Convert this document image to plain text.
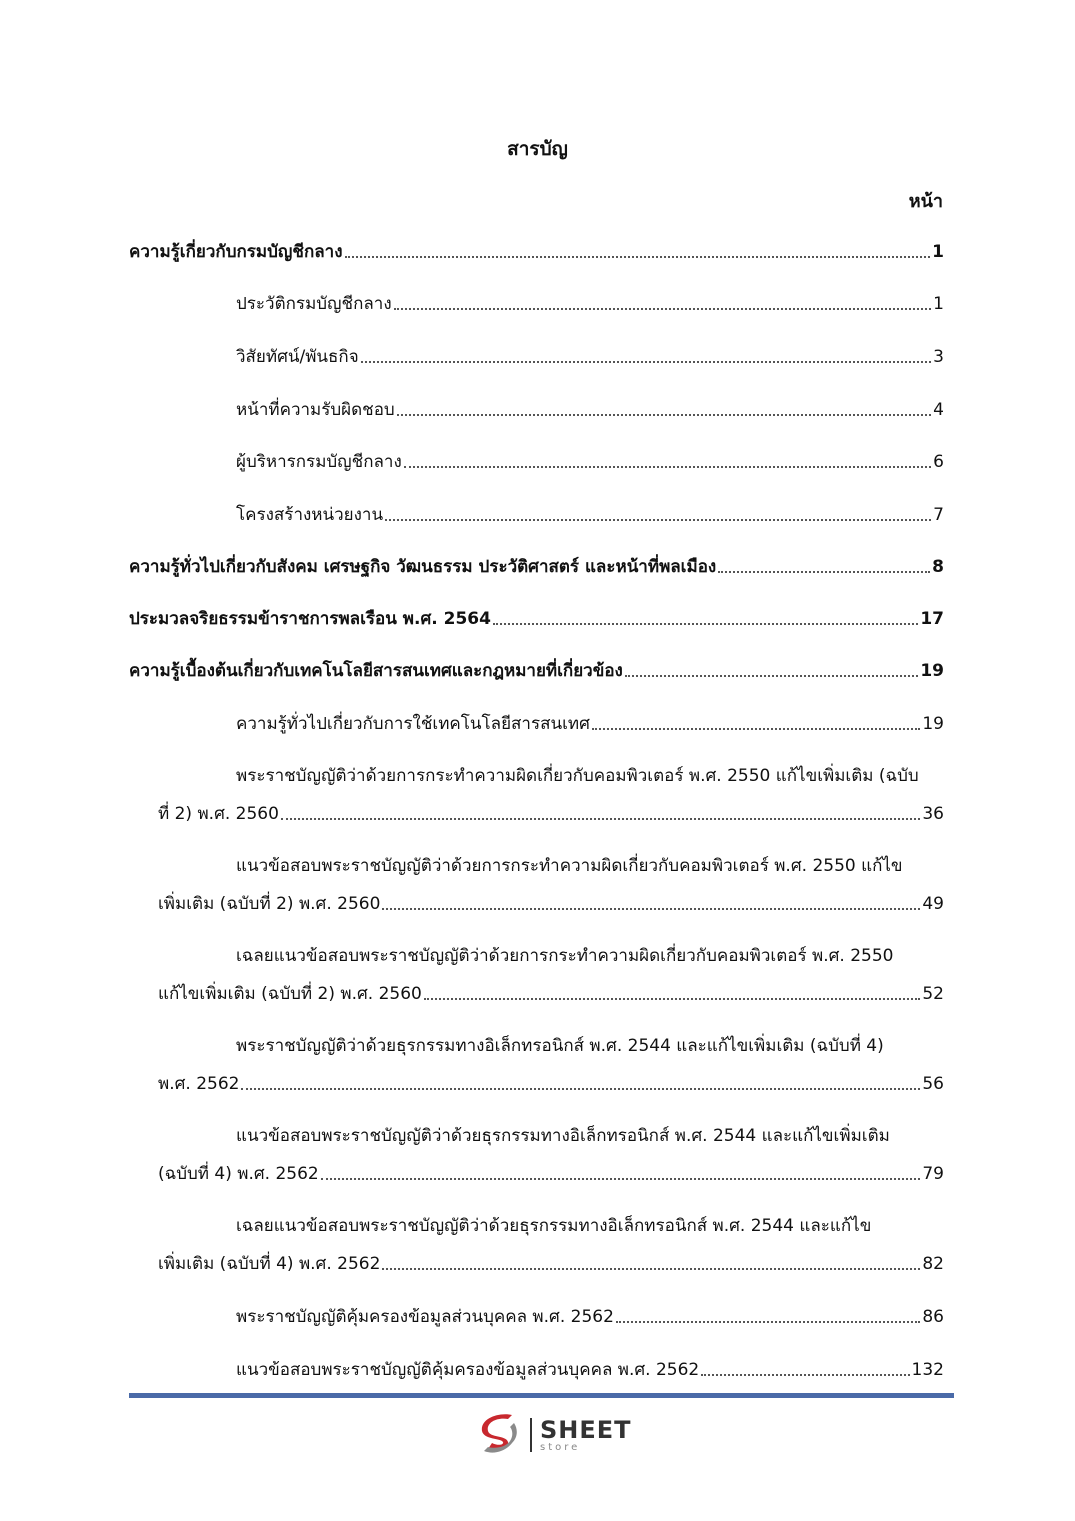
สารบัญ
หน้า
ความรู้เกี่ยวกับกรมบัญชีกลาง	1
ประวัติกรมบัญชีกลาง	1
วิสัยทัศน์/พันธกิจ	3
หน้าที่ความรับผิดชอบ	4
ผู้บริหารกรมบัญชีกลาง	6
โครงสร้างหน่วยงาน	7
ความรู้ทั่วไปเกี่ยวกับสังคม เศรษฐกิจ วัฒนธรรม ประวัติศาสตร์ และหน้าที่พลเมือง	8
ประมวลจริยธรรมข้าราชการพลเรือน พ.ศ. 2564	17
ความรู้เบื้องต้นเกี่ยวกับเทคโนโลยีสารสนเทศและกฎหมายที่เกี่ยวข้อง	19
ความรู้ทั่วไปเกี่ยวกับการใช้เทคโนโลยีสารสนเทศ	19
พระราชบัญญัติว่าด้วยการกระทำความผิดเกี่ยวกับคอมพิวเตอร์ พ.ศ. 2550 แก้ไขเพิ่มเติม (ฉบับ
ที่ 2) พ.ศ. 2560	36
แนวข้อสอบพระราชบัญญัติว่าด้วยการกระทำความผิดเกี่ยวกับคอมพิวเตอร์ พ.ศ. 2550 แก้ไข
เพิ่มเติม (ฉบับที่ 2) พ.ศ. 2560	49
เฉลยแนวข้อสอบพระราชบัญญัติว่าด้วยการกระทำความผิดเกี่ยวกับคอมพิวเตอร์ พ.ศ. 2550
แก้ไขเพิ่มเติม (ฉบับที่ 2) พ.ศ. 2560	52
พระราชบัญญัติว่าด้วยธุรกรรมทางอิเล็กทรอนิกส์ พ.ศ. 2544 และแก้ไขเพิ่มเติม (ฉบับที่ 4)
พ.ศ. 2562	56
แนวข้อสอบพระราชบัญญัติว่าด้วยธุรกรรมทางอิเล็กทรอนิกส์ พ.ศ. 2544 และแก้ไขเพิ่มเติม
(ฉบับที่ 4) พ.ศ. 2562	79
เฉลยแนวข้อสอบพระราชบัญญัติว่าด้วยธุรกรรมทางอิเล็กทรอนิกส์ พ.ศ. 2544 และแก้ไข
เพิ่มเติม (ฉบับที่ 4) พ.ศ. 2562	82
พระราชบัญญัติคุ้มครองข้อมูลส่วนบุคคล พ.ศ. 2562	86
แนวข้อสอบพระราชบัญญัติคุ้มครองข้อมูลส่วนบุคคล พ.ศ. 2562	132
SHEET
store
